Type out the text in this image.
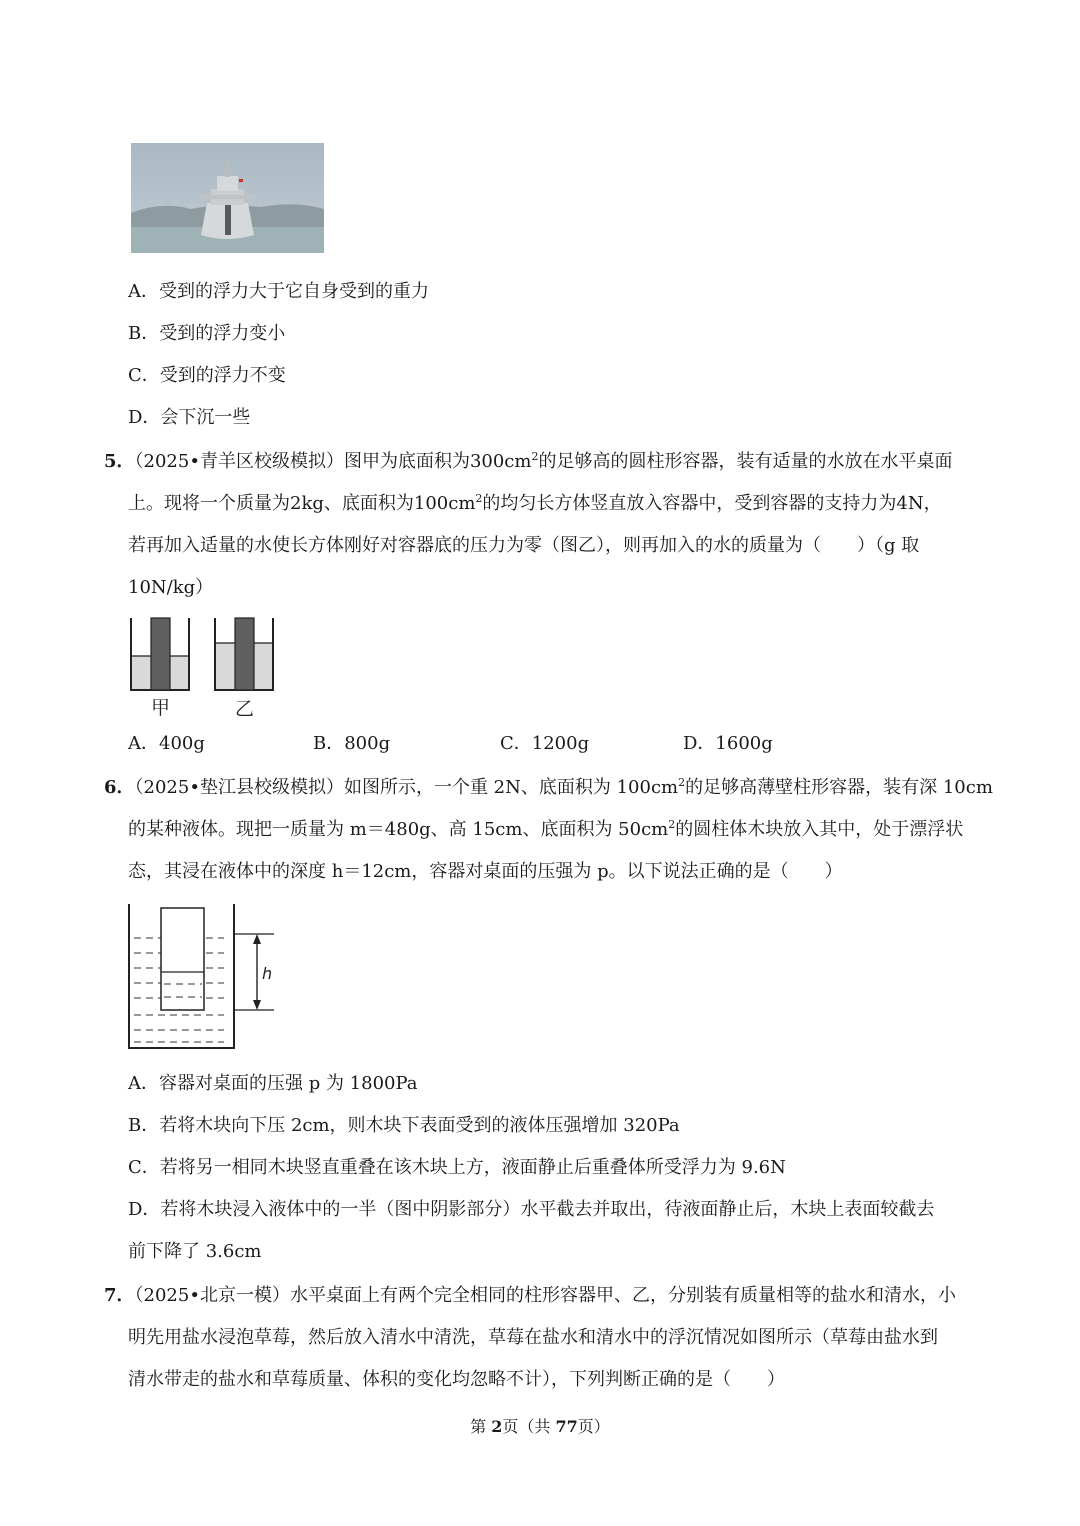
A．受到的浮力大于它自身受到的重力
B．受到的浮力变小
C．受到的浮力不变
D．会下沉一些
5．（2025•青羊区校级模拟）图甲为底面积为$300cm^2$的足够高的圆柱形容器，装有适量的水放在水平桌面
上。现将一个质量为2kg、底面积为$100cm^2$的均匀长方体竖直放入容器中，受到容器的支持力为4N，
若再加入适量的水使长方体刚好对容器底的压力为零（图乙），则再加入的水的质量为（　　）（g 取
10N/kg）
甲	乙
A．400g	B．800g	C．1200g	D．1600g
6．（2025•垫江县校级模拟）如图所示，一个重 2N、底面积为 $100cm^2$的足够高薄壁柱形容器，装有深 10cm
的某种液体。现把一质量为 m＝480g、高 15cm、底面积为 $50cm^2$的圆柱体木块放入其中，处于漂浮状
态，其浸在液体中的深度 h＝12cm，容器对桌面的压强为 p。以下说法正确的是（　　）
h
A．容器对桌面的压强 p 为 1800Pa
B．若将木块向下压 2cm，则木块下表面受到的液体压强增加 320Pa
C．若将另一相同木块竖直重叠在该木块上方，液面静止后重叠体所受浮力为 9.6N
D．若将木块浸入液体中的一半（图中阴影部分）水平截去并取出，待液面静止后，木块上表面较截去
前下降了 3.6cm
7．（2025•北京一模）水平桌面上有两个完全相同的柱形容器甲、乙，分别装有质量相等的盐水和清水，小
明先用盐水浸泡草莓，然后放入清水中清洗，草莓在盐水和清水中的浮沉情况如图所示（草莓由盐水到
清水带走的盐水和草莓质量、体积的变化均忽略不计），下列判断正确的是（　　）
第 2页（共 77页）
